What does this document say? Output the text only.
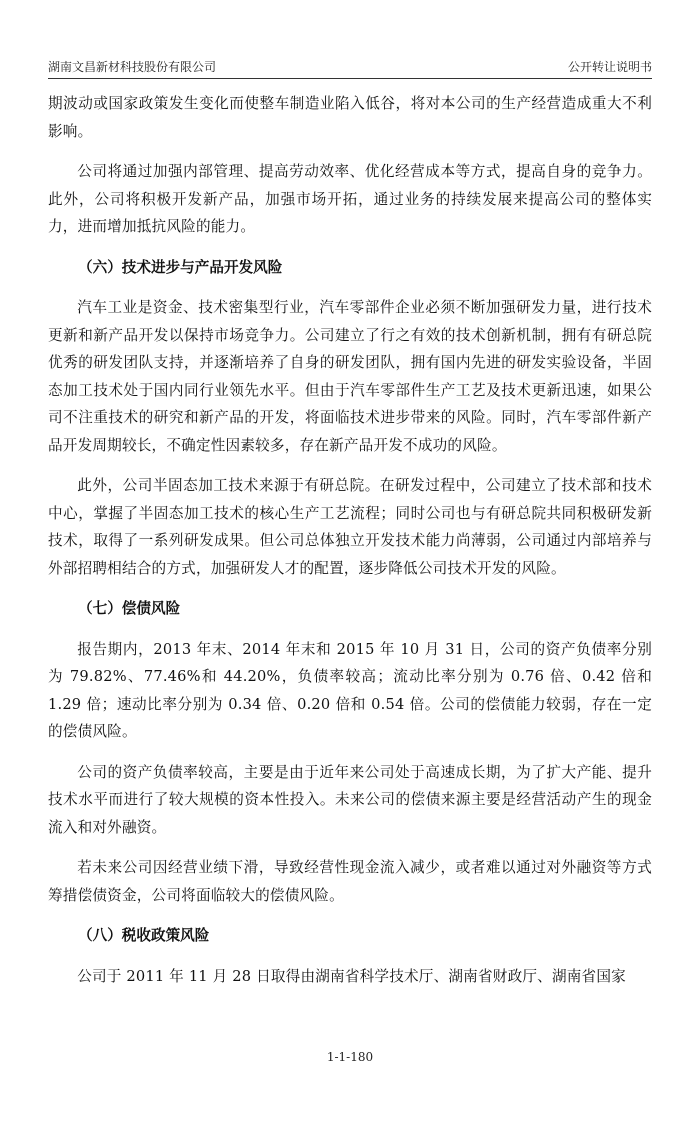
湖南文昌新材科技股份有限公司	公开转让说明书

期波动或国家政策发生变化而使整车制造业陷入低谷，将对本公司的生产经营造成重大不利影响。

公司将通过加强内部管理、提高劳动效率、优化经营成本等方式，提高自身的竞争力。此外，公司将积极开发新产品，加强市场开拓，通过业务的持续发展来提高公司的整体实力，进而增加抵抗风险的能力。

（六）技术进步与产品开发风险

汽车工业是资金、技术密集型行业，汽车零部件企业必须不断加强研发力量，进行技术更新和新产品开发以保持市场竞争力。公司建立了行之有效的技术创新机制，拥有有研总院优秀的研发团队支持，并逐渐培养了自身的研发团队，拥有国内先进的研发实验设备，半固态加工技术处于国内同行业领先水平。但由于汽车零部件生产工艺及技术更新迅速，如果公司不注重技术的研究和新产品的开发，将面临技术进步带来的风险。同时，汽车零部件新产品开发周期较长，不确定性因素较多，存在新产品开发不成功的风险。

此外，公司半固态加工技术来源于有研总院。在研发过程中，公司建立了技术部和技术中心，掌握了半固态加工技术的核心生产工艺流程；同时公司也与有研总院共同积极研发新技术，取得了一系列研发成果。但公司总体独立开发技术能力尚薄弱，公司通过内部培养与外部招聘相结合的方式，加强研发人才的配置，逐步降低公司技术开发的风险。

（七）偿债风险

报告期内，2013 年末、2014 年末和 2015 年 10 月 31 日，公司的资产负债率分别为 79.82%、77.46%和 44.20%，负债率较高；流动比率分别为 0.76 倍、0.42 倍和 1.29 倍；速动比率分别为 0.34 倍、0.20 倍和 0.54 倍。公司的偿债能力较弱，存在一定的偿债风险。

公司的资产负债率较高，主要是由于近年来公司处于高速成长期，为了扩大产能、提升技术水平而进行了较大规模的资本性投入。未来公司的偿债来源主要是经营活动产生的现金流入和对外融资。

若未来公司因经营业绩下滑，导致经营性现金流入减少，或者难以通过对外融资等方式筹措偿债资金，公司将面临较大的偿债风险。

（八）税收政策风险

公司于 2011 年 11 月 28 日取得由湖南省科学技术厅、湖南省财政厅、湖南省国家

1-1-180
